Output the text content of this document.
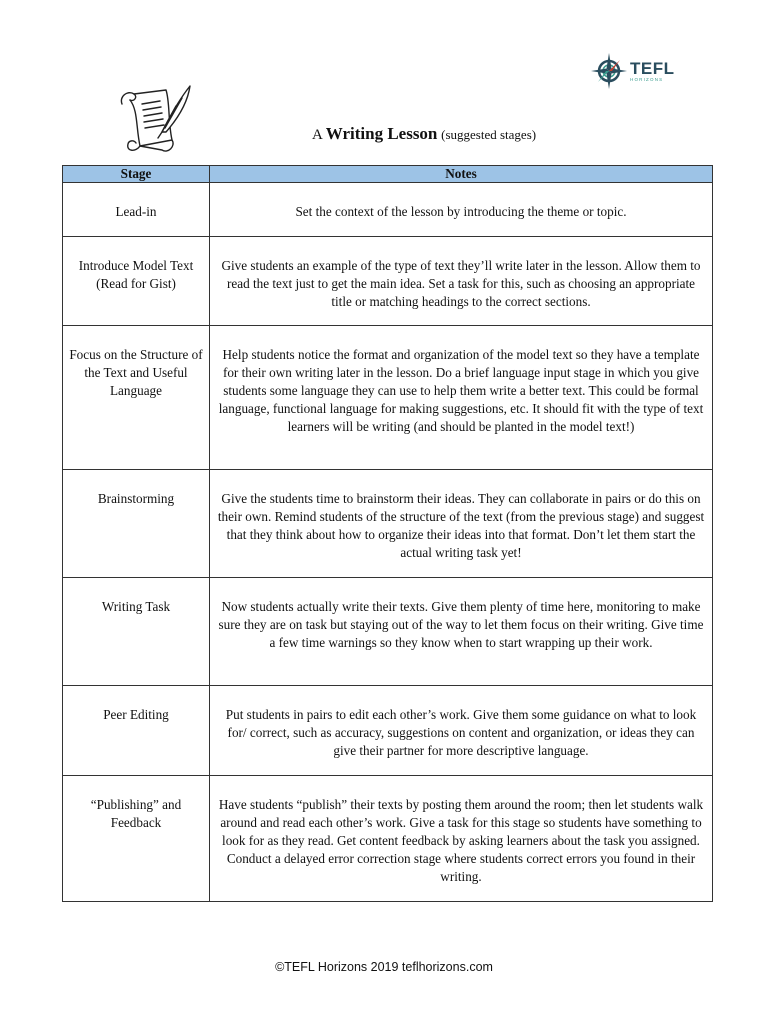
TEFL
HORIZONS
A Writing Lesson (suggested stages)
Stage	Notes
Lead-in	Set the context of the lesson by introducing the theme or topic.
Introduce Model Text (Read for Gist)	Give students an example of the type of text they’ll write later in the lesson. Allow them to read the text just to get the main idea. Set a task for this, such as choosing an appropriate title or matching headings to the correct sections.
Focus on the Structure of the Text and Useful Language	Help students notice the format and organization of the model text so they have a template for their own writing later in the lesson. Do a brief language input stage in which you give students some language they can use to help them write a better text. This could be formal language, functional language for making suggestions, etc. It should fit with the type of text learners will be writing (and should be planted in the model text!)
Brainstorming	Give the students time to brainstorm their ideas. They can collaborate in pairs or do this on their own. Remind students of the structure of the text (from the previous stage) and suggest that they think about how to organize their ideas into that format. Don’t let them start the actual writing task yet!
Writing Task	Now students actually write their texts. Give them plenty of time here, monitoring to make sure they are on task but staying out of the way to let them focus on their writing. Give time a few time warnings so they know when to start wrapping up their work.
Peer Editing	Put students in pairs to edit each other’s work. Give them some guidance on what to look for/ correct, such as accuracy, suggestions on content and organization, or ideas they can give their partner for more descriptive language.
“Publishing” and Feedback	Have students “publish” their texts by posting them around the room; then let students walk around and read each other’s work. Give a task for this stage so students have something to look for as they read. Get content feedback by asking learners about the task you assigned. Conduct a delayed error correction stage where students correct errors you found in their writing.
©TEFL Horizons 2019 teflhorizons.com
